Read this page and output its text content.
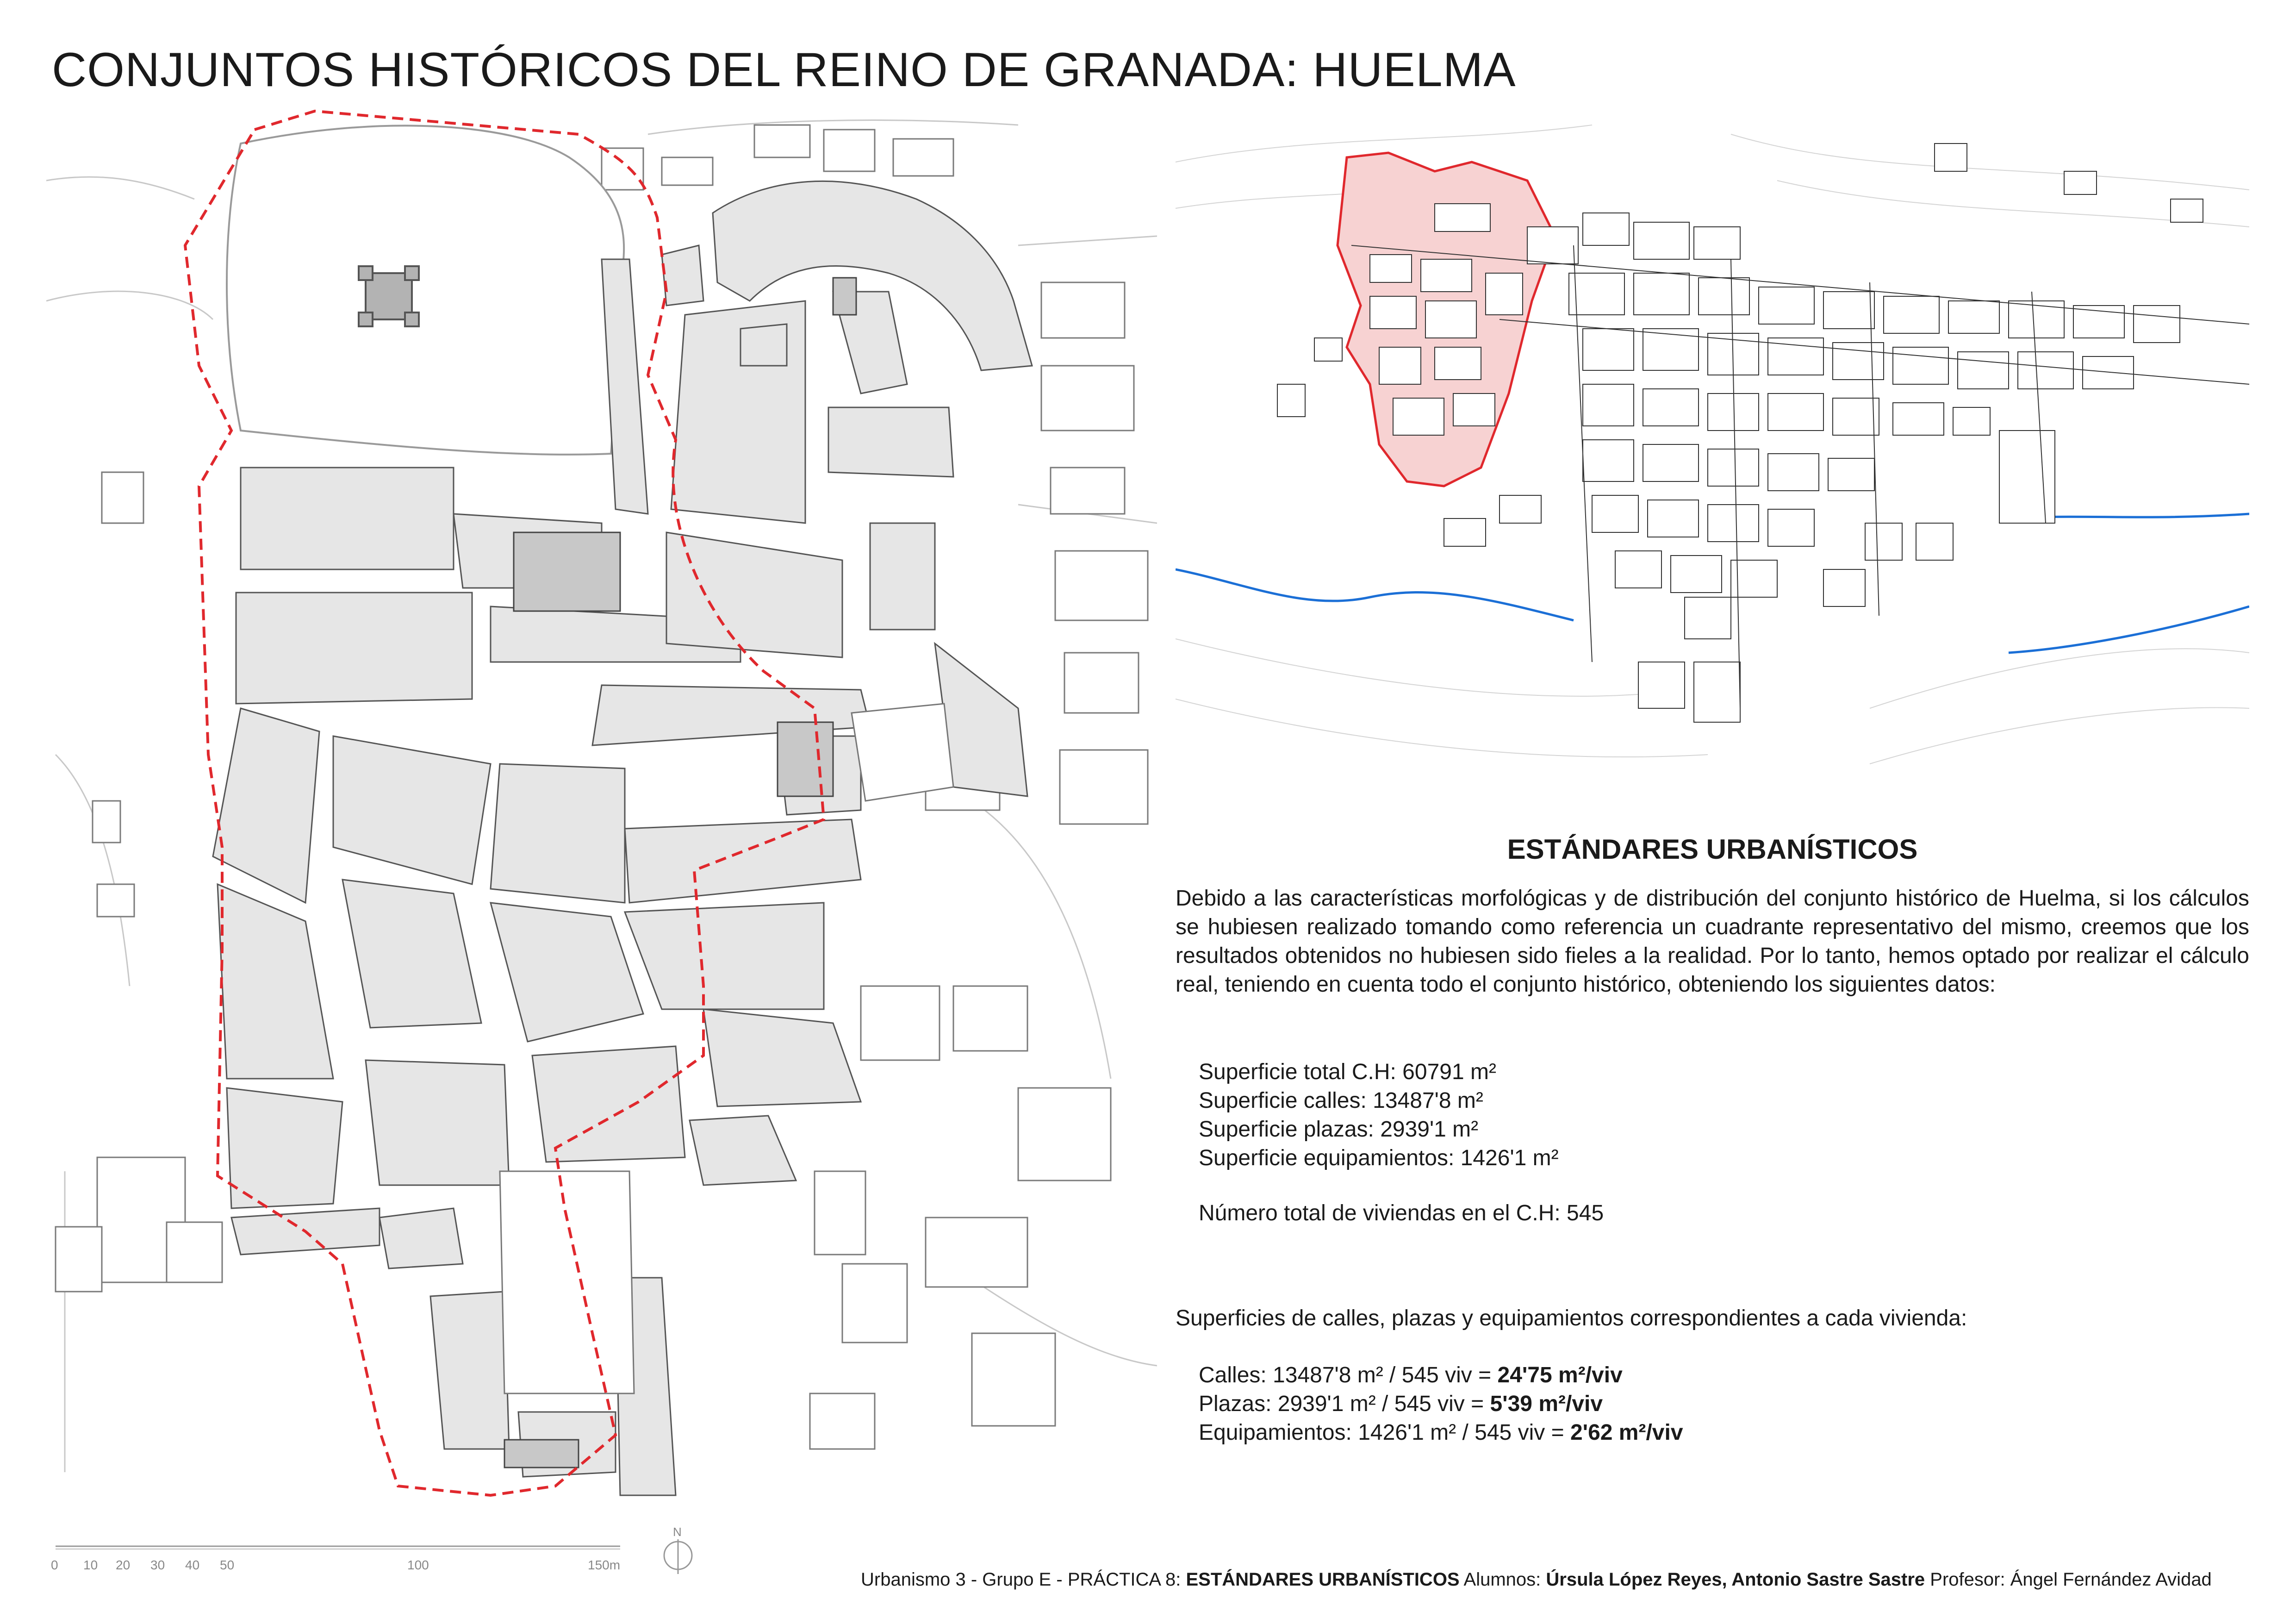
CONJUNTOS HISTÓRICOS DEL REINO DE GRANADA: HUELMA
ESTÁNDARES URBANÍSTICOS
Debido a las características morfológicas y de distribución del conjunto histórico de Huelma, si los cálculos se hubiesen realizado tomando como referencia un cuadrante representativo del mismo, creemos que los resultados obtenidos no hubiesen sido fieles a la realidad. Por lo tanto, hemos optado por realizar el cálculo real, teniendo en cuenta todo el conjunto histórico, obteniendo los siguientes datos:
Superficie total C.H: 60791 m²
Superficie calles: 13487'8 m²
Superficie plazas: 2939'1 m²
Superficie equipamientos: 1426'1 m²
Número total de viviendas en el C.H: 545
Superficies de calles, plazas y equipamientos correspondientes a cada vivienda:
Calles: 13487'8 m² / 545 viv = 24'75 m²/viv
Plazas: 2939'1 m² / 545 viv = 5'39 m²/viv
Equipamientos: 1426'1 m² / 545 viv = 2'62 m²/viv
0 10 20 30 40 50	100	150m
N
Urbanismo 3 - Grupo E - PRÁCTICA 8: ESTÁNDARES URBANÍSTICOS Alumnos: Úrsula López Reyes, Antonio Sastre Sastre Profesor: Ángel Fernández Avidad
